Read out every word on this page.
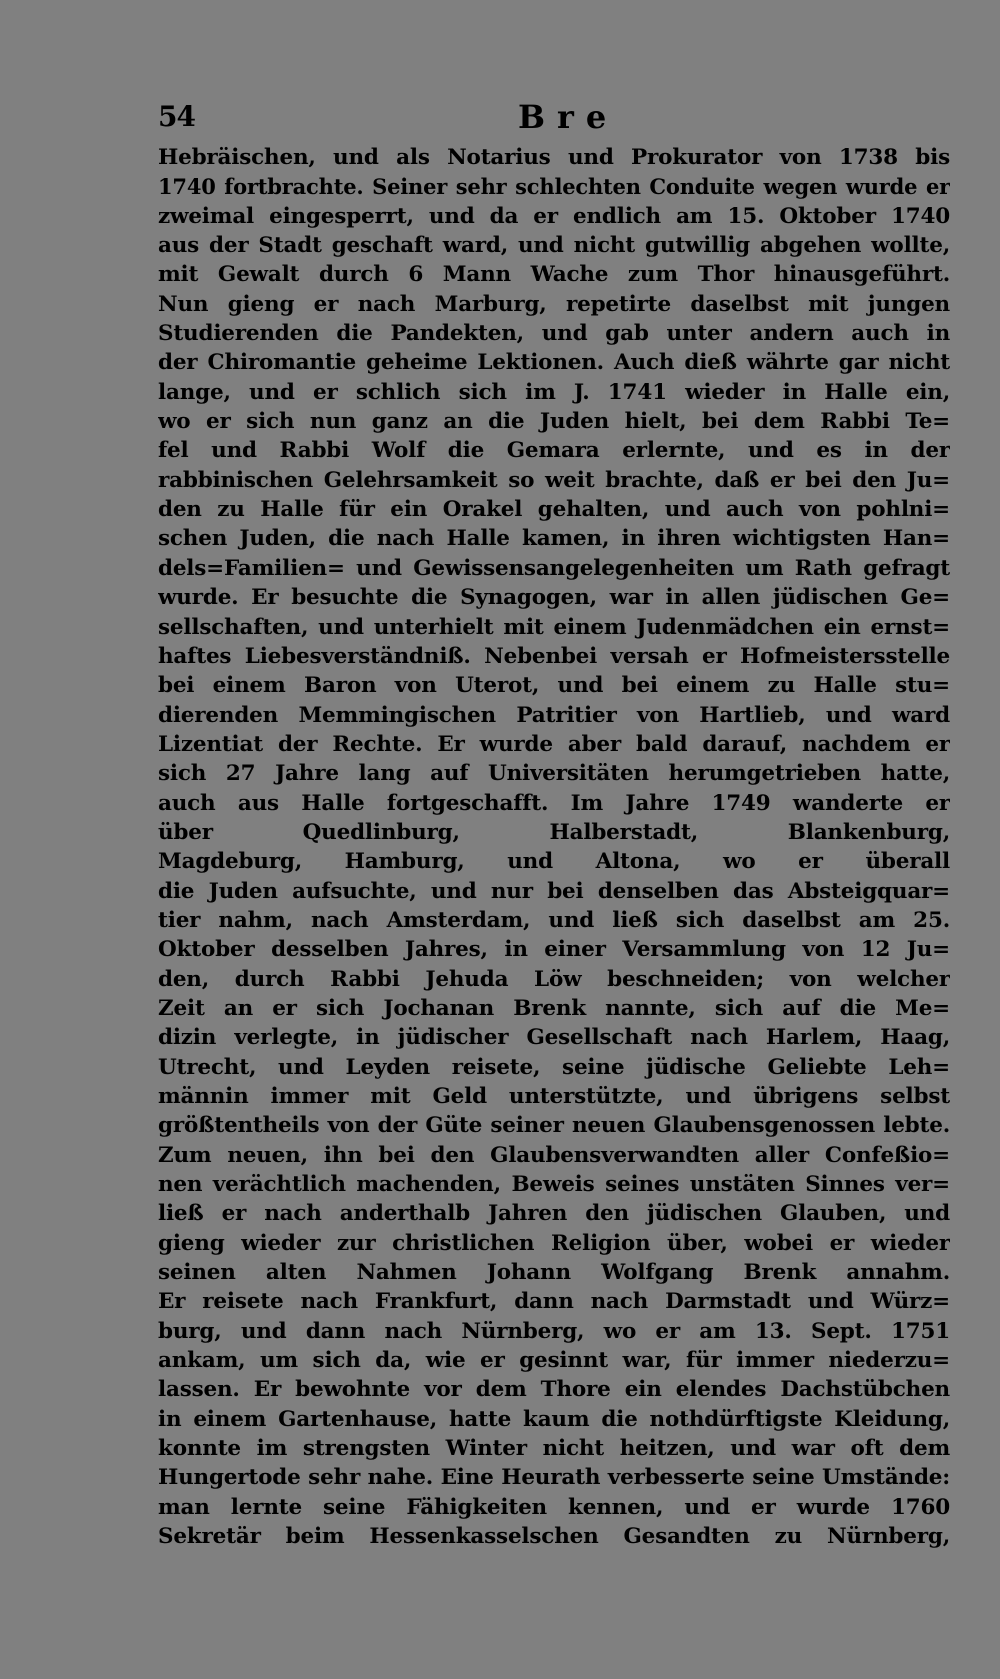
54	Bre
Hebräischen, und als Notarius und Prokurator von 1738 bis
1740 fortbrachte. Seiner sehr schlechten Conduite wegen wurde er
zweimal eingesperrt, und da er endlich am 15. Oktober 1740
aus der Stadt geschaft ward, und nicht gutwillig abgehen wollte,
mit Gewalt durch 6 Mann Wache zum Thor hinausgeführt.
Nun gieng er nach Marburg, repetirte daselbst mit jungen
Studierenden die Pandekten, und gab unter andern auch in
der Chiromantie geheime Lektionen. Auch dieß währte gar nicht
lange, und er schlich sich im J. 1741 wieder in Halle ein,
wo er sich nun ganz an die Juden hielt, bei dem Rabbi Te=
fel und Rabbi Wolf die Gemara erlernte, und es in der
rabbinischen Gelehrsamkeit so weit brachte, daß er bei den Ju=
den zu Halle für ein Orakel gehalten, und auch von pohlni=
schen Juden, die nach Halle kamen, in ihren wichtigsten Han=
dels=Familien= und Gewissensangelegenheiten um Rath gefragt
wurde. Er besuchte die Synagogen, war in allen jüdischen Ge=
sellschaften, und unterhielt mit einem Judenmädchen ein ernst=
haftes Liebesverständniß. Nebenbei versah er Hofmeistersstelle
bei einem Baron von Uterot, und bei einem zu Halle stu=
dierenden Memmingischen Patritier von Hartlieb, und ward
Lizentiat der Rechte. Er wurde aber bald darauf, nachdem er
sich 27 Jahre lang auf Universitäten herumgetrieben hatte,
auch aus Halle fortgeschafft. Im Jahre 1749 wanderte er
über Quedlinburg, Halberstadt, Blankenburg,
Magdeburg, Hamburg, und Altona, wo er überall
die Juden aufsuchte, und nur bei denselben das Absteigquar=
tier nahm, nach Amsterdam, und ließ sich daselbst am 25.
Oktober desselben Jahres, in einer Versammlung von 12 Ju=
den, durch Rabbi Jehuda Löw beschneiden; von welcher
Zeit an er sich Jochanan Brenk nannte, sich auf die Me=
dizin verlegte, in jüdischer Gesellschaft nach Harlem, Haag,
Utrecht, und Leyden reisete, seine jüdische Geliebte Leh=
männin immer mit Geld unterstützte, und übrigens selbst
größtentheils von der Güte seiner neuen Glaubensgenossen lebte.
Zum neuen, ihn bei den Glaubensverwandten aller Confeßio=
nen verächtlich machenden, Beweis seines unstäten Sinnes ver=
ließ er nach anderthalb Jahren den jüdischen Glauben, und
gieng wieder zur christlichen Religion über, wobei er wieder
seinen alten Nahmen Johann Wolfgang Brenk annahm.
Er reisete nach Frankfurt, dann nach Darmstadt und Würz=
burg, und dann nach Nürnberg, wo er am 13. Sept. 1751
ankam, um sich da, wie er gesinnt war, für immer niederzu=
lassen. Er bewohnte vor dem Thore ein elendes Dachstübchen
in einem Gartenhause, hatte kaum die nothdürftigste Kleidung,
konnte im strengsten Winter nicht heitzen, und war oft dem
Hungertode sehr nahe. Eine Heurath verbesserte seine Umstände:
man lernte seine Fähigkeiten kennen, und er wurde 1760
Sekretär beim Hessenkasselschen Gesandten zu Nürnberg,
